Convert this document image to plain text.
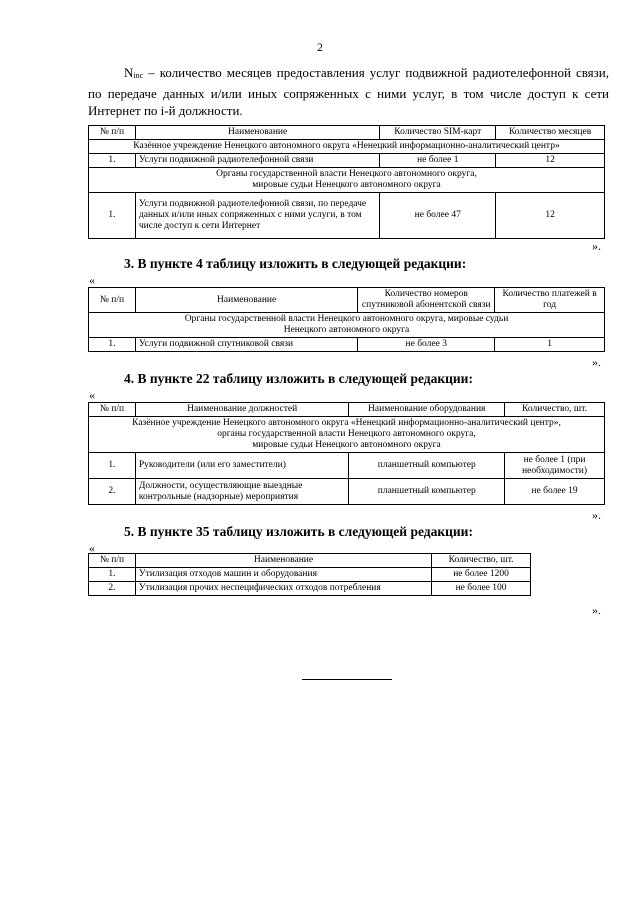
2
Ninc – количество месяцев предоставления услуг подвижной радиотелефонной связи, по передаче данных и/или иных сопряженных с ними услуг, в том числе доступ к сети Интернет по i-й должности.
№ п/п	Наименование	Количество SIM-карт	Количество месяцев
Казённое учреждение Ненецкого автономного округа «Ненецкий информационно-аналитический центр»			
1.	Услуги подвижной радиотелефонной связи	не более 1	12
Органы государственной власти Ненецкого автономного округа,
мировые судьи Ненецкого автономного округа			
1.	Услуги подвижной радиотелефонной связи, по передаче данных и/или иных сопряженных с ними услуги, в том числе доступ к сети Интернет	не более 47	12
».
3. В пункте 4 таблицу изложить в следующей редакции:
«
№ п/п	Наименование	Количество номеров спутниковой абонентской связи	Количество платежей в год
Органы государственной власти Ненецкого автономного округа, мировые судьи
Ненецкого автономного округа			
1.	Услуги подвижной спутниковой связи	не более 3	1
».
4. В пункте 22 таблицу изложить в следующей редакции:
«
№ п/п	Наименование должностей	Наименование оборудования	Количество, шт.
Казённое учреждение Ненецкого автономного округа «Ненецкий информационно-аналитический центр»,
органы государственной власти Ненецкого автономного округа,
мировые судьи Ненецкого автономного округа			
1.	Руководители (или его заместители)	планшетный компьютер	не более 1 (при необходимости)
2.	Должности, осуществляющие выездные контрольные (надзорные) мероприятия	планшетный компьютер	не более 19
».
5. В пункте 35 таблицу изложить в следующей редакции:
«
№ п/п	Наименование	Количество, шт.
1.	Утилизация отходов машин и оборудования	не более 1200
2.	Утилизация прочих неспецифических отходов потребления	не более 100
».
